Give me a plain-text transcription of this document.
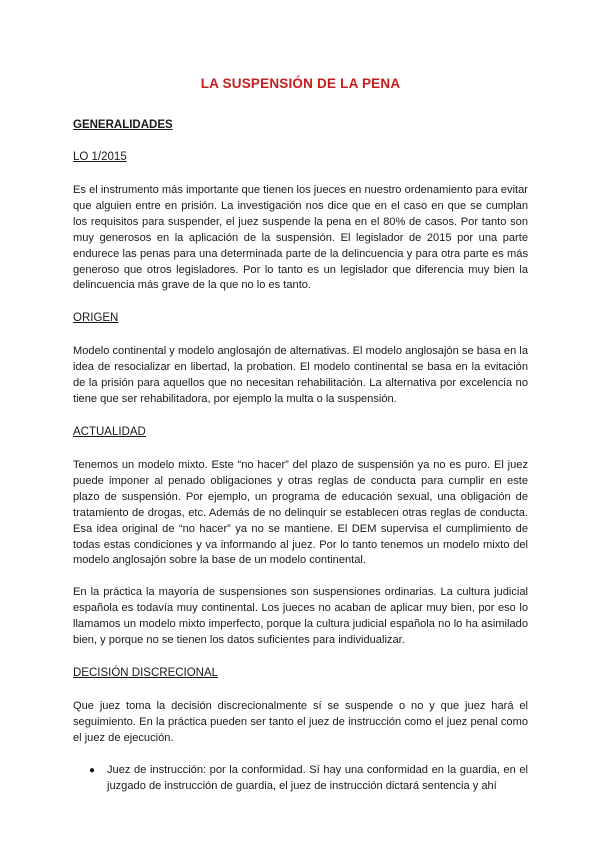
LA SUSPENSIÓN DE LA PENA
GENERALIDADES
LO 1/2015

Es el instrumento más importante que tienen los jueces en nuestro ordenamiento para evitar que alguien entre en prisión. La investigación nos dice que en el caso en que se cumplan los requisitos para suspender, el juez suspende la pena en el 80% de casos. Por tanto son muy generosos en la aplicación de la suspensión. El legislador de 2015 por una parte endurece las penas para una determinada parte de la delincuencia y para otra parte es más generoso que otros legisladores. Por lo tanto es un legislador que diferencia muy bien la delincuencia más grave de la que no lo es tanto.

ORIGEN

Modelo continental y modelo anglosajón de alternativas. El modelo anglosajón se basa en la idea de resocializar en libertad, la probation. El modelo continental se basa en la evitación de la prisión para aquellos que no necesitan rehabilitación. La alternativa por excelencia no tiene que ser rehabilitadora, por ejemplo la multa o la suspensión.

ACTUALIDAD

Tenemos un modelo mixto. Este “no hacer” del plazo de suspensión ya no es puro. El juez puede imponer al penado obligaciones y otras reglas de conducta para cumplir en este plazo de suspensión. Por ejemplo, un programa de educación sexual, una obligación de tratamiento de drogas, etc. Además de no delinquir se establecen otras reglas de conducta. Esa idea original de “no hacer” ya no se mantiene. El DEM supervisa el cumplimiento de todas estas condiciones y va informando al juez. Por lo tanto tenemos un modelo mixto del modelo anglosajón sobre la base de un modelo continental.

En la práctica la mayoría de suspensiones son suspensiones ordinarias. La cultura judicial española es todavía muy continental. Los jueces no acaban de aplicar muy bien, por eso lo llamamos un modelo mixto imperfecto, porque la cultura judicial española no lo ha asimilado bien, y porque no se tienen los datos suficientes para individualizar.

DECISIÓN DISCRECIONAL

Que juez toma la decisión discrecionalmente sí se suspende o no y que juez hará el seguimiento. En la práctica pueden ser tanto el juez de instrucción como el juez penal como el juez de ejecución.

● Juez de instrucción: por la conformidad. Sí hay una conformidad en la guardia, en el juzgado de instrucción de guardia, el juez de instrucción dictará sentencia y ahí
